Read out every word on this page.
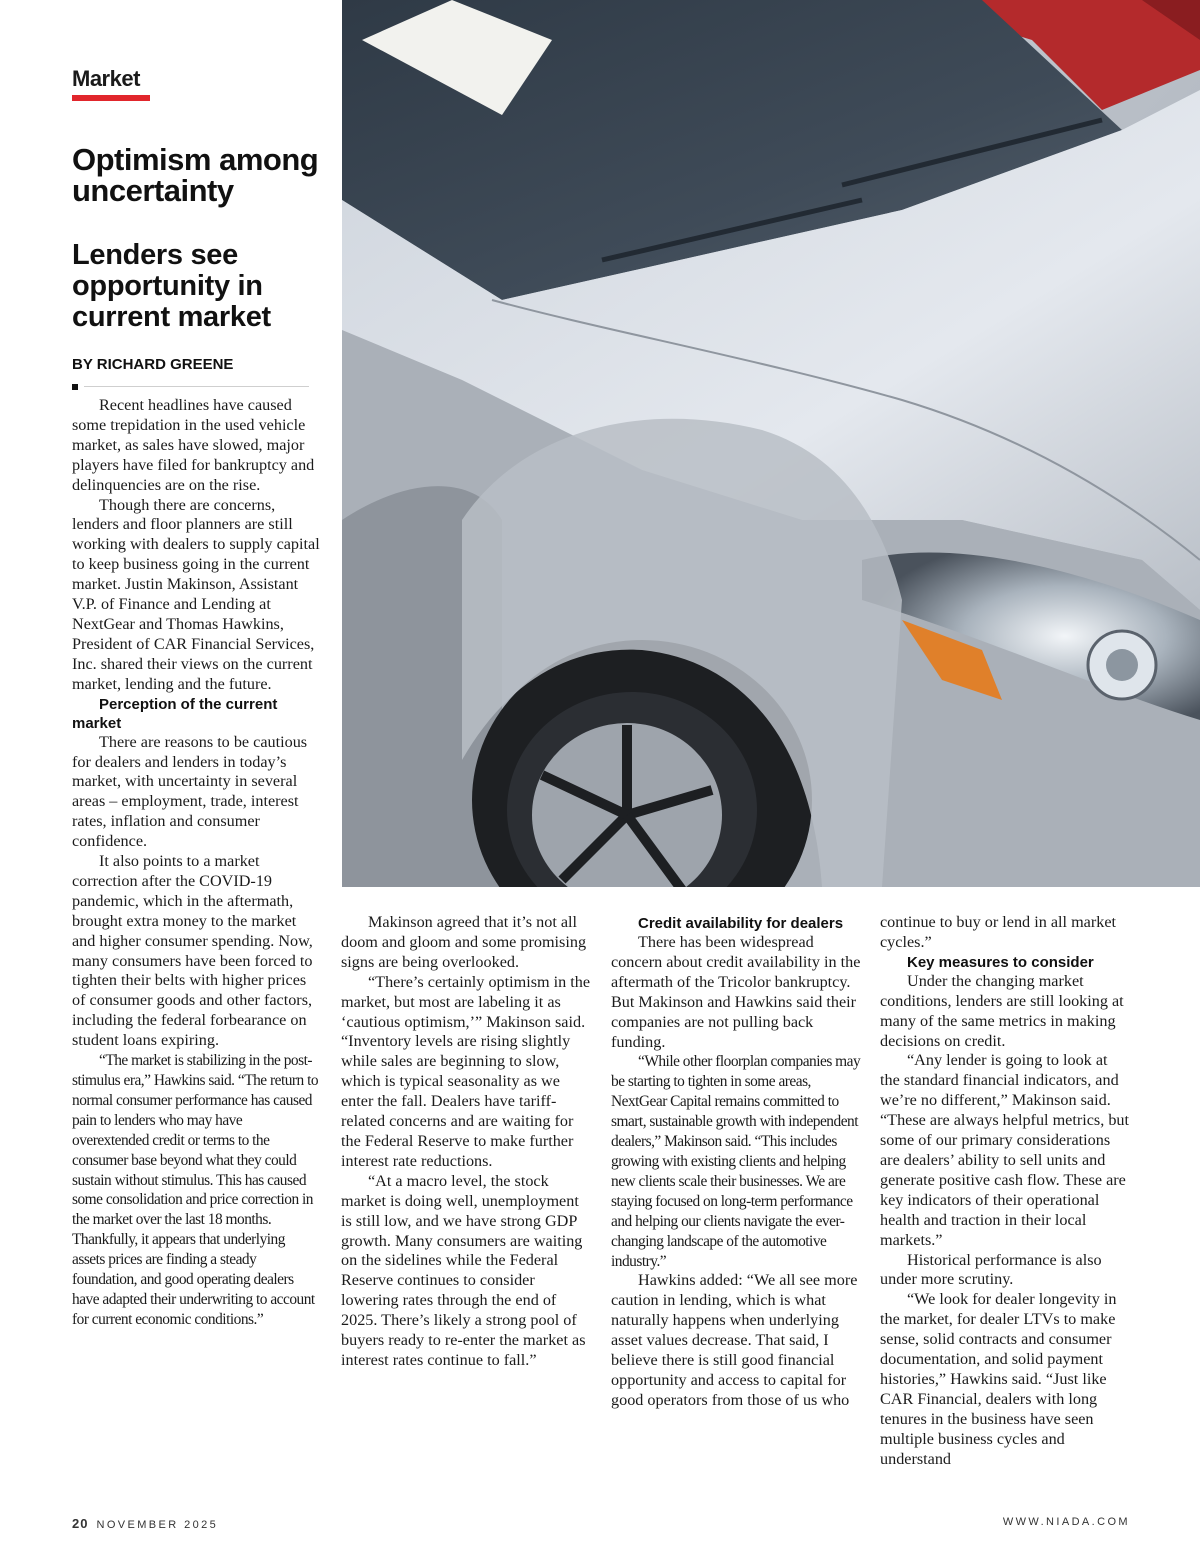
Market
Optimism among uncertainty
Lenders see opportunity in current market
BY RICHARD GREENE

Recent headlines have caused some trepidation in the used vehicle market, as sales have slowed, major players have filed for bankruptcy and delinquencies are on the rise.

Though there are concerns, lenders and floor planners are still working with dealers to supply capital to keep business going in the current market. Justin Makinson, Assistant V.P. of Finance and Lending at NextGear and Thomas Hawkins, President of CAR Financial Services, Inc. shared their views on the current market, lending and the future.

Perception of the current market

There are reasons to be cautious for dealers and lenders in today’s market, with uncertainty in several areas – employment, trade, interest rates, inflation and consumer confidence.

It also points to a market correction after the COVID-19 pandemic, which in the aftermath, brought extra money to the market and higher consumer spending. Now, many consumers have been forced to tighten their belts with higher prices of consumer goods and other factors, including the federal forbearance on student loans expiring.

“The market is stabilizing in the post-stimulus era,” Hawkins said. “The return to normal consumer performance has caused pain to lenders who may have overextended credit or terms to the consumer base beyond what they could sustain without stimulus. This has caused some consolidation and price correction in the market over the last 18 months. Thankfully, it appears that underlying assets prices are finding a steady foundation, and good operating dealers have adapted their underwriting to account for current economic conditions.”

Makinson agreed that it’s not all doom and gloom and some promising signs are being overlooked.

“There’s certainly optimism in the market, but most are labeling it as ‘cautious optimism,’” Makinson said. “Inventory levels are rising slightly while sales are beginning to slow, which is typical seasonality as we enter the fall. Dealers have tariff-related concerns and are waiting for the Federal Reserve to make further interest rate reductions.

“At a macro level, the stock market is doing well, unemployment is still low, and we have strong GDP growth. Many consumers are waiting on the sidelines while the Federal Reserve continues to consider lowering rates through the end of 2025. There’s likely a strong pool of buyers ready to re-enter the market as interest rates continue to fall.”

Credit availability for dealers

There has been widespread concern about credit availability in the aftermath of the Tricolor bankruptcy. But Makinson and Hawkins said their companies are not pulling back funding.

“While other floorplan companies may be starting to tighten in some areas, NextGear Capital remains committed to smart, sustainable growth with independent dealers,” Makinson said. “This includes growing with existing clients and helping new clients scale their businesses. We are staying focused on long-term performance and helping our clients navigate the ever-changing landscape of the automotive industry.”

Hawkins added: “We all see more caution in lending, which is what naturally happens when underlying asset values decrease. That said, I believe there is still good financial opportunity and access to capital for good operators from those of us who

continue to buy or lend in all market cycles.”

Key measures to consider

Under the changing market conditions, lenders are still looking at many of the same metrics in making decisions on credit.

“Any lender is going to look at the standard financial indicators, and we’re no different,” Makinson said. “These are always helpful metrics, but some of our primary considerations are dealers’ ability to sell units and generate positive cash flow. These are key indicators of their operational health and traction in their local markets.”

Historical performance is also under more scrutiny.

“We look for dealer longevity in the market, for dealer LTVs to make sense, solid contracts and consumer documentation, and solid payment histories,” Hawkins said. “Just like CAR Financial, dealers with long tenures in the business have seen multiple business cycles and understand

20 NOVEMBER 2025	WWW.NIADA.COM
